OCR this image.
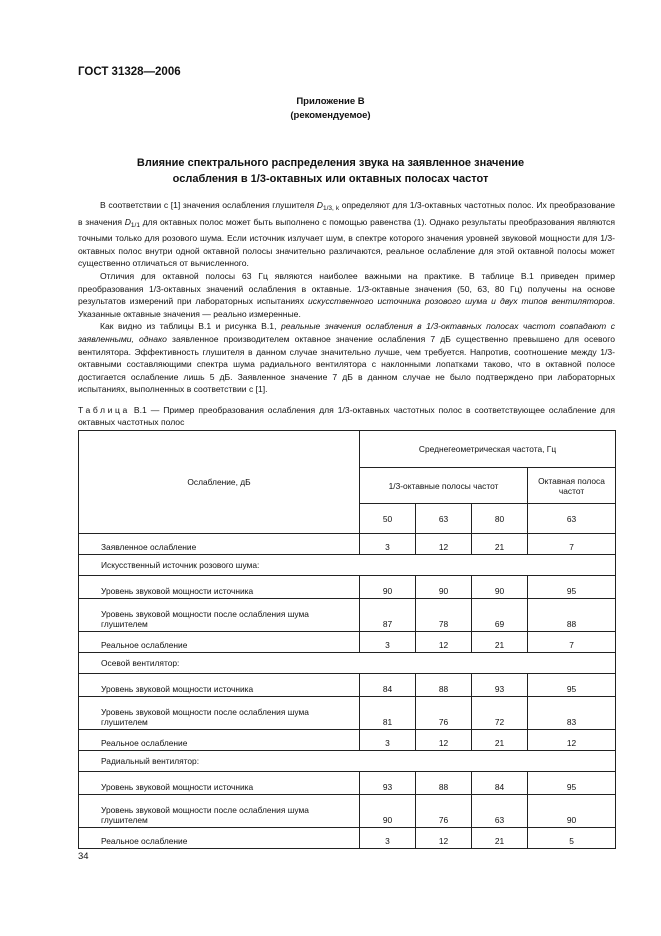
ГОСТ 31328—2006
Приложение В
(рекомендуемое)
Влияние спектрального распределения звука на заявленное значение
ослабления в 1/3-октавных или октавных полосах частот

В соответствии с [1] значения ослабления глушителя $D_{1/3, k}$ определяют для 1/3-октавных частотных полос. Их преобразование в значения $D_{1/1}$ для октавных полос может быть выполнено с помощью равенства (1). Однако результаты преобразования являются точными только для розового шума. Если источник излучает шум, в спектре которого значения уровней звуковой мощности для 1/3-октавных полос внутри одной октавной полосы значительно различаются, реальное ослабление для этой октавной полосы может существенно отличаться от вычисленного.

Отличия для октавной полосы 63 Гц являются наиболее важными на практике. В таблице В.1 приведен пример преобразования 1/3-октавных значений ослабления в октавные. 1/3-октавные значения (50, 63, 80 Гц) получены на основе результатов измерений при лабораторных испытаниях искусственного источника розового шума и двух типов вентиляторов. Указанные октавные значения — реально измеренные.

Как видно из таблицы В.1 и рисунка В.1, реальные значения ослабления в 1/3-октавных полосах частот совпадают с заявленными, однако заявленное производителем октавное значение ослабления 7 дБ существенно превышено для осевого вентилятора. Эффективность глушителя в данном случае значительно лучше, чем требуется. Напротив, соотношение между 1/3-октавными составляющими спектра шума радиального вентилятора с наклонными лопатками таково, что в октавной полосе достигается ослабление лишь 5 дБ. Заявленное значение 7 дБ в данном случае не было подтверждено при лабораторных испытаниях, выполненных в соответствии с [1].

Таблица В.1 — Пример преобразования ослабления для 1/3-октавных частотных полос в соответствующее ослабление для октавных частотных полос
Ослабление, дБ	Среднегеометрическая частота, Гц			
	1/3-октавные полосы частот			Октавная полоса частот
	50	63	80	63
Заявленное ослабление	3	12	21	7
Искусственный источник розового шума:				
Уровень звуковой мощности источника	90	90	90	95
Уровень звуковой мощности после ослабления шума глушителем	87	78	69	88
Реальное ослабление	3	12	21	7
Осевой вентилятор:				
Уровень звуковой мощности источника	84	88	93	95
Уровень звуковой мощности после ослабления шума глушителем	81	76	72	83
Реальное ослабление	3	12	21	12
Радиальный вентилятор:				
Уровень звуковой мощности источника	93	88	84	95
Уровень звуковой мощности после ослабления шума глушителем	90	76	63	90
Реальное ослабление	3	12	21	5
34
